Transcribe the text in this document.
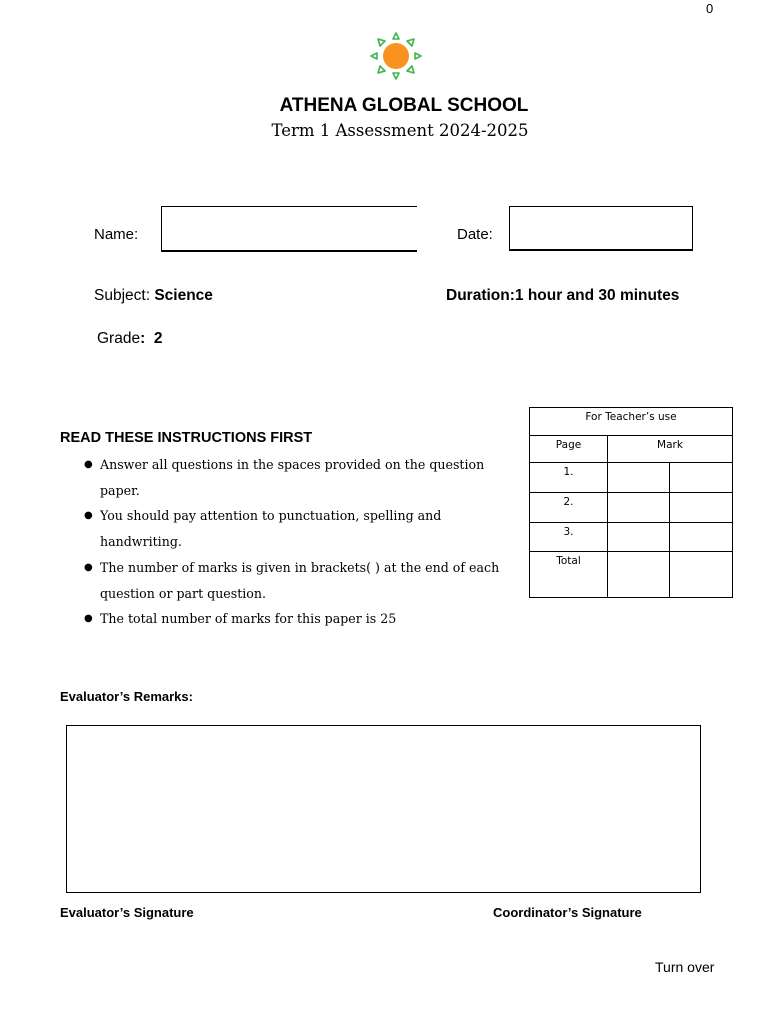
0
ATHENA GLOBAL SCHOOL
Term 1 Assessment 2024-2025
Name:	Date:
Subject: Science	Duration:1 hour and 30 minutes
Grade: 2
READ THESE INSTRUCTIONS FIRST
● Answer all questions in the spaces provided on the question paper.
● You should pay attention to punctuation, spelling and handwriting.
● The number of marks is given in brackets( ) at the end of each question or part question.
● The total number of marks for this paper is 25
For Teacher’s use		
Page	Mark	
1.		
2.		
3.		
Total		
Evaluator’s Remarks:
Evaluator’s Signature	Coordinator’s Signature
Turn over
